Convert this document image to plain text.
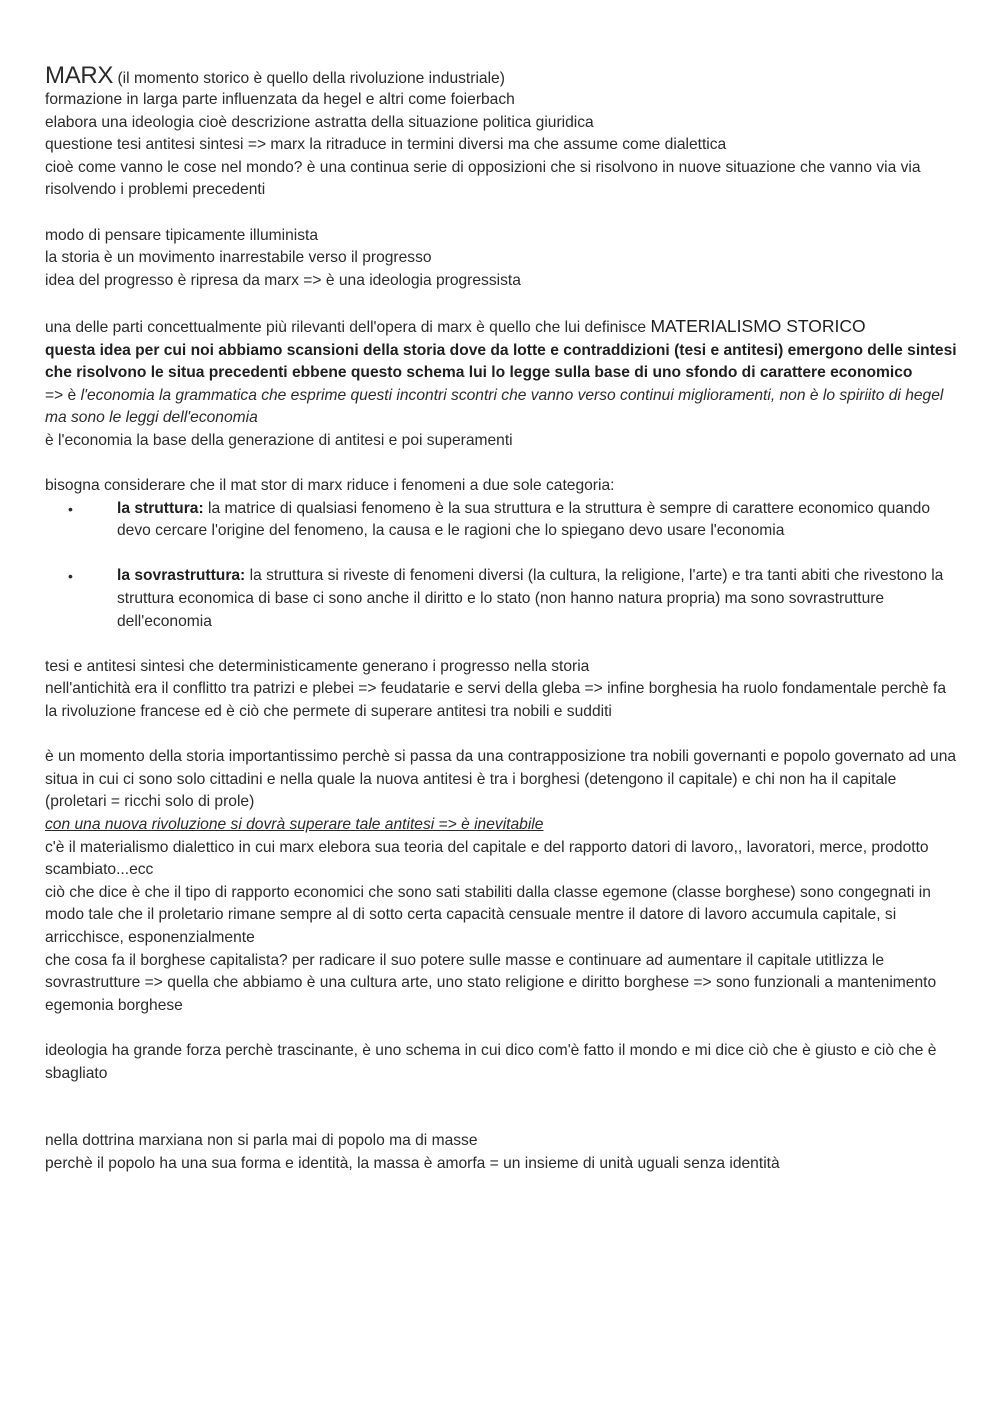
MARX (il momento storico è quello della rivoluzione industriale)

formazione in larga parte influenzata da hegel e altri come foierbach

elabora una ideologia cioè descrizione astratta della situazione politica giuridica

questione tesi antitesi sintesi => marx la ritraduce in termini diversi ma che assume come dialettica

cioè come vanno le cose nel mondo? è una continua serie di opposizioni che si risolvono in nuove situazione che vanno via via risolvendo i problemi precedenti

modo di pensare tipicamente illuminista

la storia è un movimento inarrestabile verso il progresso

idea del progresso è ripresa da marx => è una ideologia progressista

una delle parti concettualmente più rilevanti dell'opera di marx è quello che lui definisce MATERIALISMO STORICO

questa idea per cui noi abbiamo scansioni della storia dove da lotte e contraddizioni (tesi e antitesi) emergono delle sintesi che risolvono le situa precedenti ebbene questo schema lui lo legge sulla base di uno sfondo di carattere economico

=> è l'economia la grammatica che esprime questi incontri scontri che vanno verso continui miglioramenti, non è lo spiriito di hegel ma sono le leggi dell'economia

è l'economia la base della generazione di antitesi e poi superamenti

bisogna considerare che il mat stor di marx riduce i fenomeni a due sole categoria:

•	la struttura: la matrice di qualsiasi fenomeno è la sua struttura e la struttura è sempre di carattere economico quando devo cercare l'origine del fenomeno, la causa e le ragioni che lo spiegano devo usare l'economia
•	la sovrastruttura: la struttura si riveste di fenomeni diversi (la cultura, la religione, l'arte) e tra tanti abiti che rivestono la struttura economica di base ci sono anche il diritto e lo stato (non hanno natura propria) ma sono sovrastrutture dell'economia

tesi e antitesi sintesi che deterministicamente generano i progresso nella storia

nell'antichità era il conflitto tra patrizi e plebei => feudatarie e servi della gleba => infine borghesia ha ruolo fondamentale perchè fa la rivoluzione francese ed è ciò che permete di superare antitesi tra nobili e sudditi

è un momento della storia importantissimo perchè si passa da una contrapposizione tra nobili governanti e popolo governato ad una situa in cui ci sono solo cittadini e nella quale la nuova antitesi è tra i borghesi (detengono il capitale) e chi non ha il capitale (proletari = ricchi solo di prole)

con una nuova rivoluzione si dovrà superare tale antitesi => è inevitabile

c'è il materialismo dialettico in cui marx elebora sua teoria del capitale e del rapporto datori di lavoro,, lavoratori, merce, prodotto scambiato...ecc

ciò che dice è che il tipo di rapporto economici che sono sati stabiliti dalla classe egemone (classe borghese) sono congegnati in modo tale che il proletario rimane sempre al di sotto certa capacità censuale mentre il datore di lavoro accumula capitale, si arricchisce, esponenzialmente

che cosa fa il borghese capitalista? per radicare il suo potere sulle masse e continuare ad aumentare il capitale utitlizza le sovrastrutture => quella che abbiamo è una cultura arte, uno stato religione e diritto borghese => sono funzionali a mantenimento egemonia borghese

ideologia ha grande forza perchè trascinante, è uno schema in cui dico com'è fatto il mondo e mi dice ciò che è giusto e ciò che è sbagliato

nella dottrina marxiana non si parla mai di popolo ma di masse

perchè il popolo ha una sua forma e identità, la massa è amorfa = un insieme di unità uguali senza identità
